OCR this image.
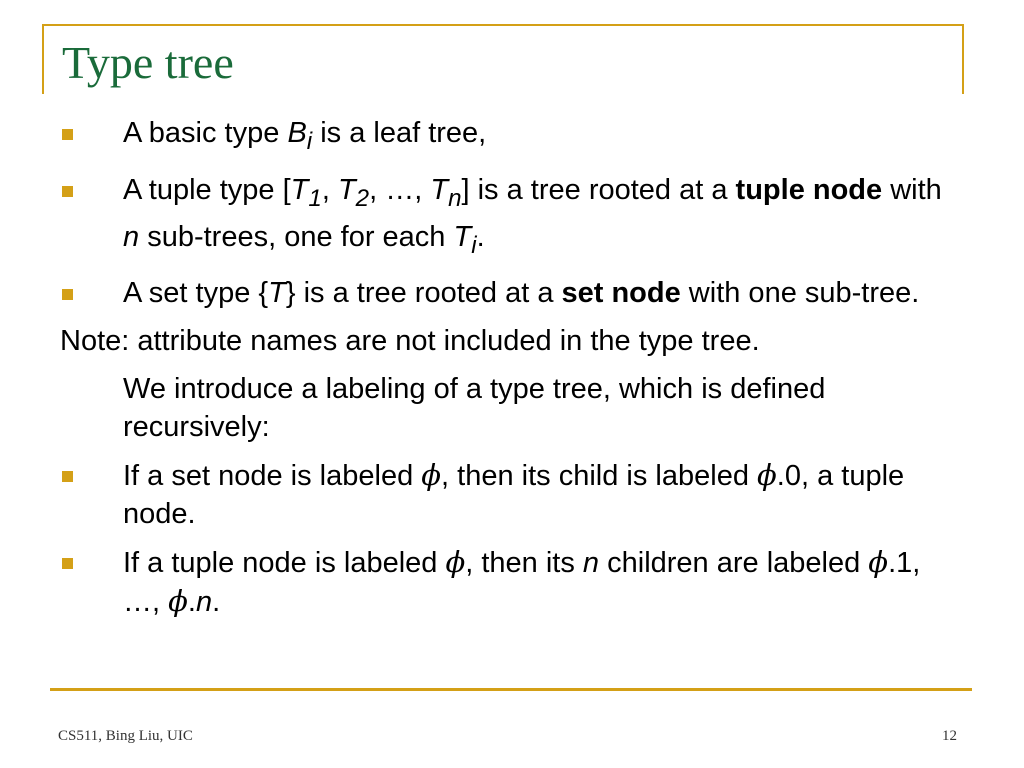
Type tree
A basic type $B_i$ is a leaf tree,
A tuple type [$T_1$, $T_2$, …, $T_n$] is a tree rooted at a tuple node with n sub-trees, one for each $T_i$.
A set type {T} is a tree rooted at a set node with one sub-tree.
Note: attribute names are not included in the type tree.
We introduce a labeling of a type tree, which is defined recursively:
If a set node is labeled ϕ, then its child is labeled ϕ.0, a tuple node.
If a tuple node is labeled ϕ, then its n children are labeled ϕ.1, …, ϕ.n.
CS511, Bing Liu, UIC	12
